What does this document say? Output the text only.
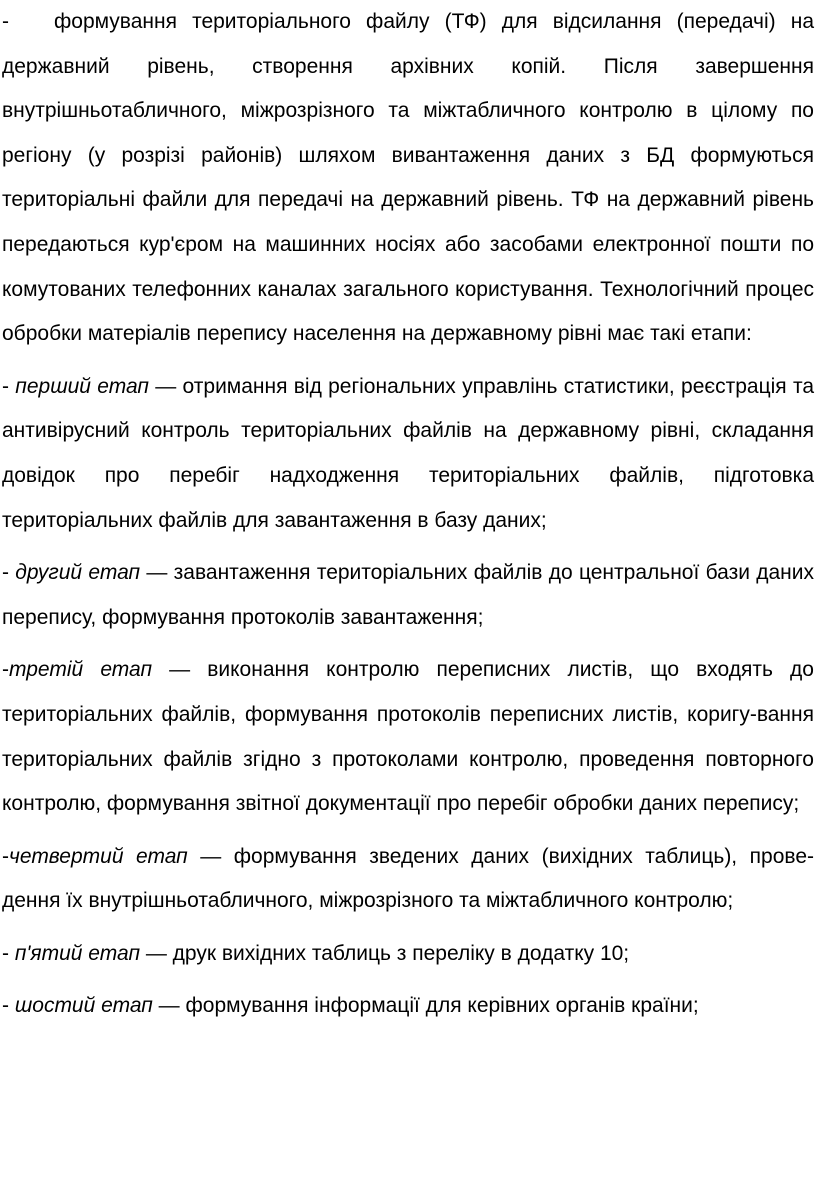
- формування територіального файлу (ТФ) для відсилання (передачі) на державний рівень, створення архівних копій. Після завершення внутрішньотабличного, міжрозрізного та міжтабличного контролю в цілому по регіону (у розрізі районів) шляхом вивантаження даних з БД формуються територіальні файли для передачі на державний рівень. ТФ на державний рівень передаються кур'єром на машинних носіях або засобами електронної пошти по комутованих телефонних каналах загального користування. Технологічний процес обробки матеріалів перепису населення на державному рівні має такі етапи:

- перший етап — отримання від регіональних управлінь статистики, реєстрація та антивірусний контроль територіальних файлів на державному рівні, складання довідок про перебіг надходження територіальних файлів, підготовка територіальних файлів для завантаження в базу даних;

- другий етап — завантаження територіальних файлів до центральної бази даних перепису, формування протоколів завантаження;

-третій етап — виконання контролю переписних листів, що входять до територіальних файлів, формування протоколів переписних листів, коригу-вання територіальних файлів згідно з протоколами контролю, проведення повторного контролю, формування звітної документації про перебіг обробки даних перепису;

-четвертий етап — формування зведених даних (вихідних таблиць), прове-дення їх внутрішньотабличного, міжрозрізного та міжтабличного контролю;

- п'ятий етап — друк вихідних таблиць з переліку в додатку 10;

- шостий етап — формування інформації для керівних органів країни;
